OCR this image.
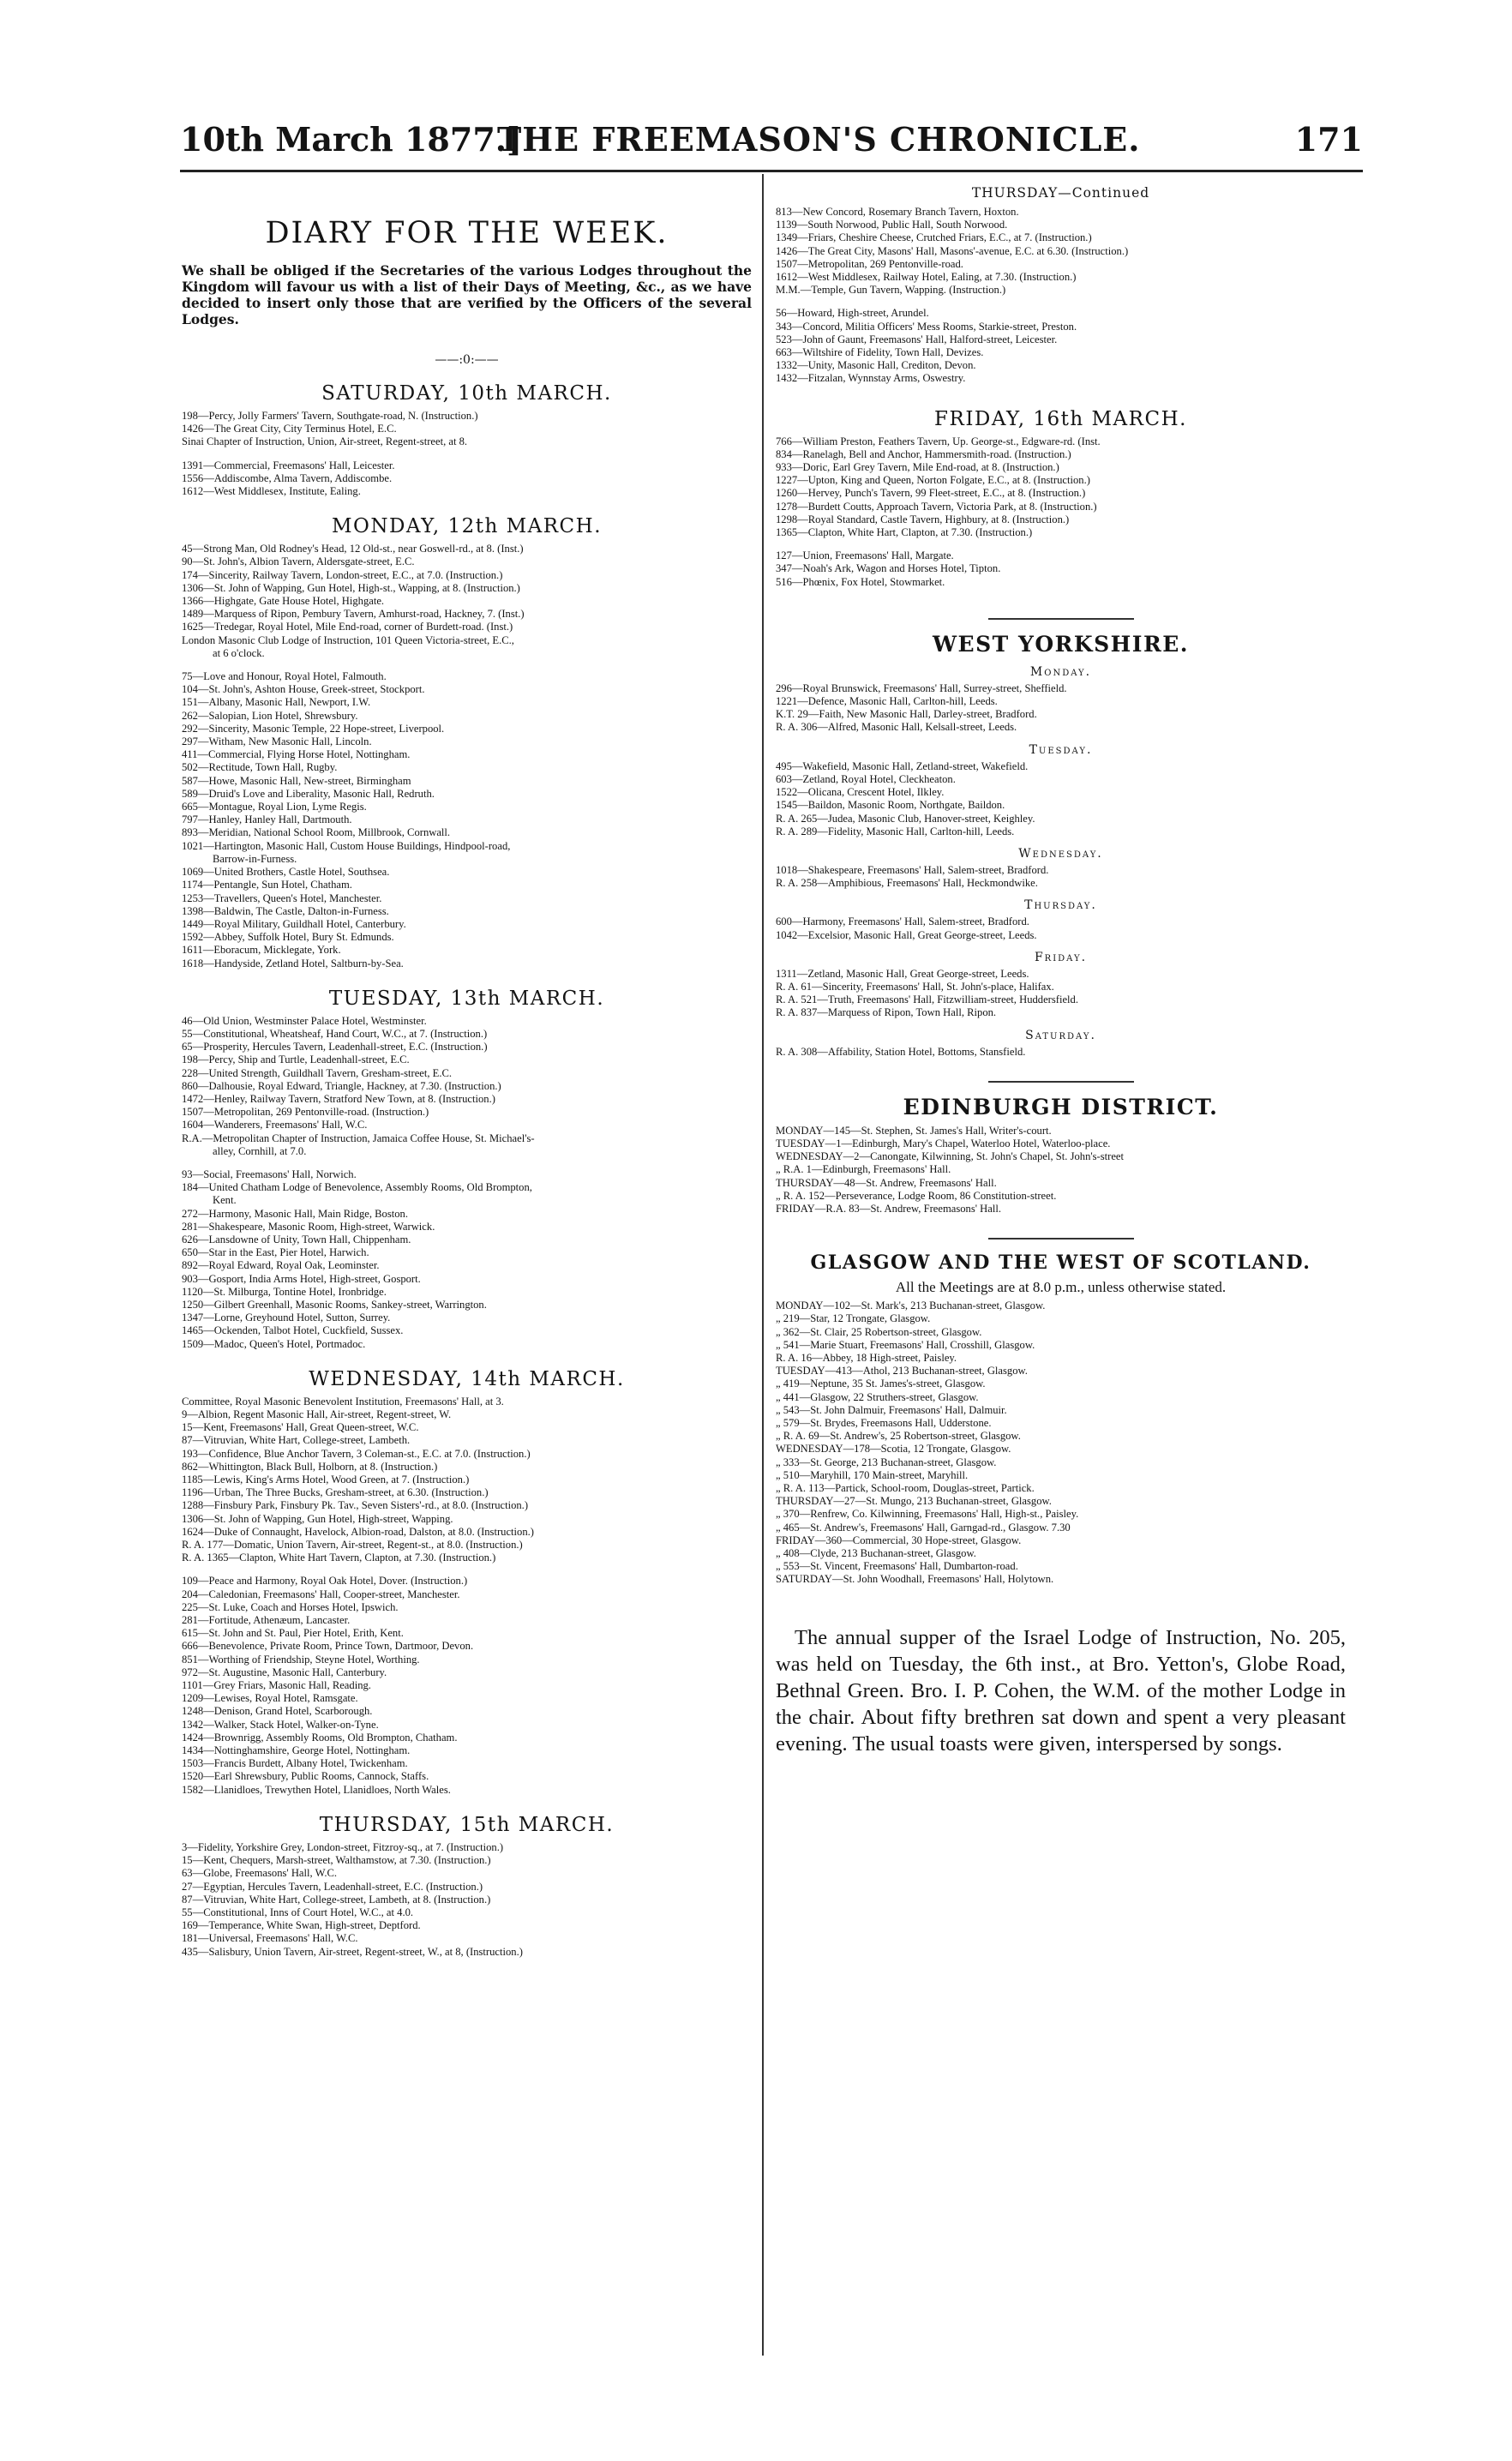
10th March 1877.]
THE FREEMASON'S CHRONICLE.	171
DIARY FOR THE WEEK.
We shall be obliged if the Secretaries of the various Lodges throughout the Kingdom will favour us with a list of their Days of Meeting, &c., as we have decided to insert only those that are verified by the Officers of the several Lodges.
——:0:——
SATURDAY, 10th MARCH.
198—Percy, Jolly Farmers' Tavern, Southgate-road, N. (Instruction.)
1426—The Great City, City Terminus Hotel, E.C.
Sinai Chapter of Instruction, Union, Air-street, Regent-street, at 8.
1391—Commercial, Freemasons' Hall, Leicester.
1556—Addiscombe, Alma Tavern, Addiscombe.
1612—West Middlesex, Institute, Ealing.
MONDAY, 12th MARCH.
45—Strong Man, Old Rodney's Head, 12 Old-st., near Goswell-rd., at 8. (Inst.)
90—St. John's, Albion Tavern, Aldersgate-street, E.C.
174—Sincerity, Railway Tavern, London-street, E.C., at 7.0. (Instruction.)
1306—St. John of Wapping, Gun Hotel, High-st., Wapping, at 8. (Instruction.)
1366—Highgate, Gate House Hotel, Highgate.
1489—Marquess of Ripon, Pembury Tavern, Amhurst-road, Hackney, 7. (Inst.)
1625—Tredegar, Royal Hotel, Mile End-road, corner of Burdett-road. (Inst.)
London Masonic Club Lodge of Instruction, 101 Queen Victoria-street, E.C.,
at 6 o'clock.
75—Love and Honour, Royal Hotel, Falmouth.
104—St. John's, Ashton House, Greek-street, Stockport.
151—Albany, Masonic Hall, Newport, I.W.
262—Salopian, Lion Hotel, Shrewsbury.
292—Sincerity, Masonic Temple, 22 Hope-street, Liverpool.
297—Witham, New Masonic Hall, Lincoln.
411—Commercial, Flying Horse Hotel, Nottingham.
502—Rectitude, Town Hall, Rugby.
587—Howe, Masonic Hall, New-street, Birmingham
589—Druid's Love and Liberality, Masonic Hall, Redruth.
665—Montague, Royal Lion, Lyme Regis.
797—Hanley, Hanley Hall, Dartmouth.
893—Meridian, National School Room, Millbrook, Cornwall.
1021—Hartington, Masonic Hall, Custom House Buildings, Hindpool-road,
Barrow-in-Furness.
1069—United Brothers, Castle Hotel, Southsea.
1174—Pentangle, Sun Hotel, Chatham.
1253—Travellers, Queen's Hotel, Manchester.
1398—Baldwin, The Castle, Dalton-in-Furness.
1449—Royal Military, Guildhall Hotel, Canterbury.
1592—Abbey, Suffolk Hotel, Bury St. Edmunds.
1611—Eboracum, Micklegate, York.
1618—Handyside, Zetland Hotel, Saltburn-by-Sea.
TUESDAY, 13th MARCH.
46—Old Union, Westminster Palace Hotel, Westminster.
55—Constitutional, Wheatsheaf, Hand Court, W.C., at 7. (Instruction.)
65—Prosperity, Hercules Tavern, Leadenhall-street, E.C. (Instruction.)
198—Percy, Ship and Turtle, Leadenhall-street, E.C.
228—United Strength, Guildhall Tavern, Gresham-street, E.C.
860—Dalhousie, Royal Edward, Triangle, Hackney, at 7.30. (Instruction.)
1472—Henley, Railway Tavern, Stratford New Town, at 8. (Instruction.)
1507—Metropolitan, 269 Pentonville-road. (Instruction.)
1604—Wanderers, Freemasons' Hall, W.C.
R.A.—Metropolitan Chapter of Instruction, Jamaica Coffee House, St. Michael's-
alley, Cornhill, at 7.0.
93—Social, Freemasons' Hall, Norwich.
184—United Chatham Lodge of Benevolence, Assembly Rooms, Old Brompton,
Kent.
272—Harmony, Masonic Hall, Main Ridge, Boston.
281—Shakespeare, Masonic Room, High-street, Warwick.
626—Lansdowne of Unity, Town Hall, Chippenham.
650—Star in the East, Pier Hotel, Harwich.
892—Royal Edward, Royal Oak, Leominster.
903—Gosport, India Arms Hotel, High-street, Gosport.
1120—St. Milburga, Tontine Hotel, Ironbridge.
1250—Gilbert Greenhall, Masonic Rooms, Sankey-street, Warrington.
1347—Lorne, Greyhound Hotel, Sutton, Surrey.
1465—Ockenden, Talbot Hotel, Cuckfield, Sussex.
1509—Madoc, Queen's Hotel, Portmadoc.
WEDNESDAY, 14th MARCH.
Committee, Royal Masonic Benevolent Institution, Freemasons' Hall, at 3.
9—Albion, Regent Masonic Hall, Air-street, Regent-street, W.
15—Kent, Freemasons' Hall, Great Queen-street, W.C.
87—Vitruvian, White Hart, College-street, Lambeth.
193—Confidence, Blue Anchor Tavern, 3 Coleman-st., E.C. at 7.0. (Instruction.)
862—Whittington, Black Bull, Holborn, at 8. (Instruction.)
1185—Lewis, King's Arms Hotel, Wood Green, at 7. (Instruction.)
1196—Urban, The Three Bucks, Gresham-street, at 6.30. (Instruction.)
1288—Finsbury Park, Finsbury Pk. Tav., Seven Sisters'-rd., at 8.0. (Instruction.)
1306—St. John of Wapping, Gun Hotel, High-street, Wapping.
1624—Duke of Connaught, Havelock, Albion-road, Dalston, at 8.0. (Instruction.)
R. A. 177—Domatic, Union Tavern, Air-street, Regent-st., at 8.0. (Instruction.)
R. A. 1365—Clapton, White Hart Tavern, Clapton, at 7.30. (Instruction.)
109—Peace and Harmony, Royal Oak Hotel, Dover. (Instruction.)
204—Caledonian, Freemasons' Hall, Cooper-street, Manchester.
225—St. Luke, Coach and Horses Hotel, Ipswich.
281—Fortitude, Athenæum, Lancaster.
615—St. John and St. Paul, Pier Hotel, Erith, Kent.
666—Benevolence, Private Room, Prince Town, Dartmoor, Devon.
851—Worthing of Friendship, Steyne Hotel, Worthing.
972—St. Augustine, Masonic Hall, Canterbury.
1101—Grey Friars, Masonic Hall, Reading.
1209—Lewises, Royal Hotel, Ramsgate.
1248—Denison, Grand Hotel, Scarborough.
1342—Walker, Stack Hotel, Walker-on-Tyne.
1424—Brownrigg, Assembly Rooms, Old Brompton, Chatham.
1434—Nottinghamshire, George Hotel, Nottingham.
1503—Francis Burdett, Albany Hotel, Twickenham.
1520—Earl Shrewsbury, Public Rooms, Cannock, Staffs.
1582—Llanidloes, Trewythen Hotel, Llanidloes, North Wales.
THURSDAY, 15th MARCH.
3—Fidelity, Yorkshire Grey, London-street, Fitzroy-sq., at 7. (Instruction.)
15—Kent, Chequers, Marsh-street, Walthamstow, at 7.30. (Instruction.)
63—Globe, Freemasons' Hall, W.C.
27—Egyptian, Hercules Tavern, Leadenhall-street, E.C. (Instruction.)
87—Vitruvian, White Hart, College-street, Lambeth, at 8. (Instruction.)
55—Constitutional, Inns of Court Hotel, W.C., at 4.0.
169—Temperance, White Swan, High-street, Deptford.
181—Universal, Freemasons' Hall, W.C.
435—Salisbury, Union Tavern, Air-street, Regent-street, W., at 8, (Instruction.)
THURSDAY—Continued
813—New Concord, Rosemary Branch Tavern, Hoxton.
1139—South Norwood, Public Hall, South Norwood.
1349—Friars, Cheshire Cheese, Crutched Friars, E.C., at 7. (Instruction.)
1426—The Great City, Masons' Hall, Masons'-avenue, E.C. at 6.30. (Instruction.)
1507—Metropolitan, 269 Pentonville-road.
1612—West Middlesex, Railway Hotel, Ealing, at 7.30. (Instruction.)
M.M.—Temple, Gun Tavern, Wapping. (Instruction.)
56—Howard, High-street, Arundel.
343—Concord, Militia Officers' Mess Rooms, Starkie-street, Preston.
523—John of Gaunt, Freemasons' Hall, Halford-street, Leicester.
663—Wiltshire of Fidelity, Town Hall, Devizes.
1332—Unity, Masonic Hall, Crediton, Devon.
1432—Fitzalan, Wynnstay Arms, Oswestry.
FRIDAY, 16th MARCH.
766—William Preston, Feathers Tavern, Up. George-st., Edgware-rd. (Inst.
834—Ranelagh, Bell and Anchor, Hammersmith-road. (Instruction.)
933—Doric, Earl Grey Tavern, Mile End-road, at 8. (Instruction.)
1227—Upton, King and Queen, Norton Folgate, E.C., at 8. (Instruction.)
1260—Hervey, Punch's Tavern, 99 Fleet-street, E.C., at 8. (Instruction.)
1278—Burdett Coutts, Approach Tavern, Victoria Park, at 8. (Instruction.)
1298—Royal Standard, Castle Tavern, Highbury, at 8. (Instruction.)
1365—Clapton, White Hart, Clapton, at 7.30. (Instruction.)
127—Union, Freemasons' Hall, Margate.
347—Noah's Ark, Wagon and Horses Hotel, Tipton.
516—Phœnix, Fox Hotel, Stowmarket.
WEST YORKSHIRE.
Monday.
296—Royal Brunswick, Freemasons' Hall, Surrey-street, Sheffield.
1221—Defence, Masonic Hall, Carlton-hill, Leeds.
K.T. 29—Faith, New Masonic Hall, Darley-street, Bradford.
R. A. 306—Alfred, Masonic Hall, Kelsall-street, Leeds.
Tuesday.
495—Wakefield, Masonic Hall, Zetland-street, Wakefield.
603—Zetland, Royal Hotel, Cleckheaton.
1522—Olicana, Crescent Hotel, Ilkley.
1545—Baildon, Masonic Room, Northgate, Baildon.
R. A. 265—Judea, Masonic Club, Hanover-street, Keighley.
R. A. 289—Fidelity, Masonic Hall, Carlton-hill, Leeds.
Wednesday.
1018—Shakespeare, Freemasons' Hall, Salem-street, Bradford.
R. A. 258—Amphibious, Freemasons' Hall, Heckmondwike.
Thursday.
600—Harmony, Freemasons' Hall, Salem-street, Bradford.
1042—Excelsior, Masonic Hall, Great George-street, Leeds.
Friday.
1311—Zetland, Masonic Hall, Great George-street, Leeds.
R. A. 61—Sincerity, Freemasons' Hall, St. John's-place, Halifax.
R. A. 521—Truth, Freemasons' Hall, Fitzwilliam-street, Huddersfield.
R. A. 837—Marquess of Ripon, Town Hall, Ripon.
Saturday.
R. A. 308—Affability, Station Hotel, Bottoms, Stansfield.
EDINBURGH DISTRICT.
MONDAY—145—St. Stephen, St. James's Hall, Writer's-court.
TUESDAY—1—Edinburgh, Mary's Chapel, Waterloo Hotel, Waterloo-place.
WEDNESDAY—2—Canongate, Kilwinning, St. John's Chapel, St. John's-street
„ R.A. 1—Edinburgh, Freemasons' Hall.
THURSDAY—48—St. Andrew, Freemasons' Hall.
„ R. A. 152—Perseverance, Lodge Room, 86 Constitution-street.
FRIDAY—R.A. 83—St. Andrew, Freemasons' Hall.
GLASGOW AND THE WEST OF SCOTLAND.
All the Meetings are at 8.0 p.m., unless otherwise stated.
MONDAY—102—St. Mark's, 213 Buchanan-street, Glasgow.
„ 219—Star, 12 Trongate, Glasgow.
„ 362—St. Clair, 25 Robertson-street, Glasgow.
„ 541—Marie Stuart, Freemasons' Hall, Crosshill, Glasgow.
R. A. 16—Abbey, 18 High-street, Paisley.
TUESDAY—413—Athol, 213 Buchanan-street, Glasgow.
„ 419—Neptune, 35 St. James's-street, Glasgow.
„ 441—Glasgow, 22 Struthers-street, Glasgow.
„ 543—St. John Dalmuir, Freemasons' Hall, Dalmuir.
„ 579—St. Brydes, Freemasons Hall, Udderstone.
„ R. A. 69—St. Andrew's, 25 Robertson-street, Glasgow.
WEDNESDAY—178—Scotia, 12 Trongate, Glasgow.
„ 333—St. George, 213 Buchanan-street, Glasgow.
„ 510—Maryhill, 170 Main-street, Maryhill.
„ R. A. 113—Partick, School-room, Douglas-street, Partick.
THURSDAY—27—St. Mungo, 213 Buchanan-street, Glasgow.
„ 370—Renfrew, Co. Kilwinning, Freemasons' Hall, High-st., Paisley.
„ 465—St. Andrew's, Freemasons' Hall, Garngad-rd., Glasgow. 7.30
FRIDAY—360—Commercial, 30 Hope-street, Glasgow.
„ 408—Clyde, 213 Buchanan-street, Glasgow.
„ 553—St. Vincent, Freemasons' Hall, Dumbarton-road.
SATURDAY—St. John Woodhall, Freemasons' Hall, Holytown.
The annual supper of the Israel Lodge of Instruction, No. 205, was held on Tuesday, the 6th inst., at Bro. Yetton's, Globe Road, Bethnal Green. Bro. I. P. Cohen, the W.M. of the mother Lodge in the chair. About fifty brethren sat down and spent a very pleasant evening. The usual toasts were given, interspersed by songs.
